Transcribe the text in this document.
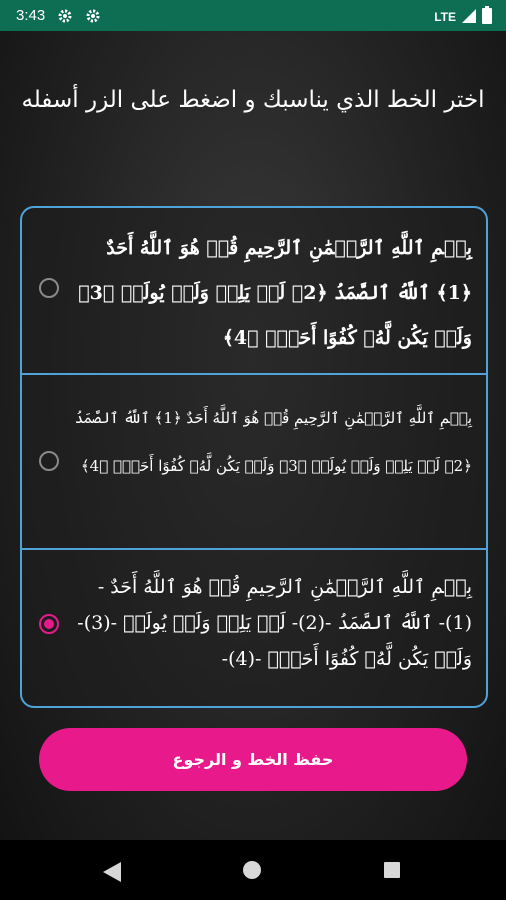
3:43	LTE
اختر الخط الذي يناسبك و اضغط على الزر أسفله
بِسۡمِ ٱللَّهِ ٱلرَّحۡمَٰنِ ٱلرَّحِيمِ قُلۡ هُوَ ٱللَّهُ أَحَدٌ ﴿1﴾ ٱللَّهُ ٱلصَّمَدُ ﴿2﴾ لَمۡ يَلِدۡ وَلَمۡ يُولَدۡ ﴿3﴾ وَلَمۡ يَكُن لَّهُۥ كُفُوًا أَحَدُۢ ﴿4﴾
بِسۡمِ ٱللَّهِ ٱلرَّحۡمَٰنِ ٱلرَّحِيمِ قُلۡ هُوَ ٱللَّهُ أَحَدٌ ﴿1﴾ ٱللَّهُ ٱلصَّمَدُ ﴿2﴾ لَمۡ يَلِدۡ وَلَمۡ يُولَدۡ ﴿3﴾ وَلَمۡ يَكُن لَّهُۥ كُفُوًا أَحَدُۢ ﴿4﴾
بِسۡمِ ٱللَّهِ ٱلرَّحۡمَٰنِ ٱلرَّحِيمِ قُلۡ هُوَ ٱللَّهُ أَحَدٌ -(1)- ٱللَّهُ ٱلصَّمَدُ -(2)- لَمۡ يَلِدۡ وَلَمۡ يُولَدۡ -(3)- وَلَمۡ يَكُن لَّهُۥ كُفُوًا أَحَدُۢ -(4)-
حفظ الخط و الرجوع
